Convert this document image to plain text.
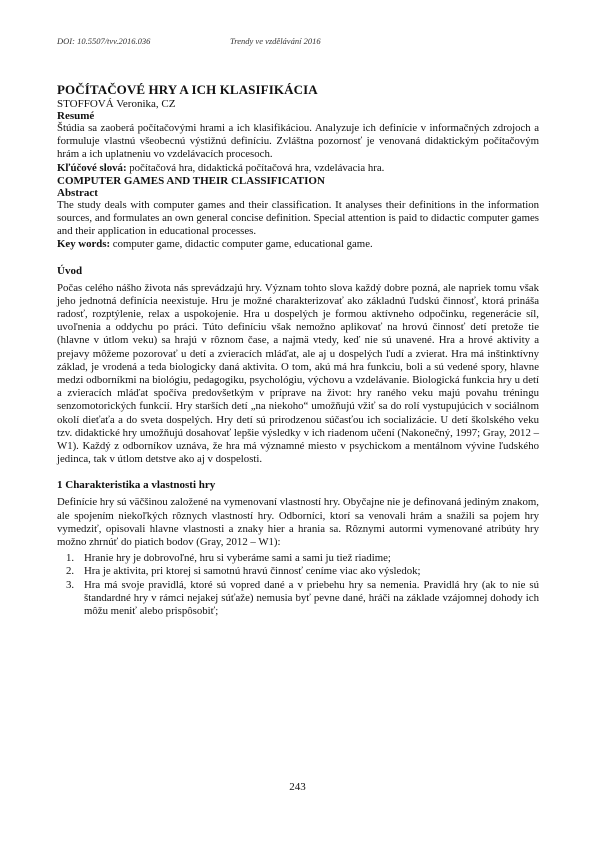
DOI: 10.5507/tvv.2016.036	Trendy ve vzdělávání 2016

POČÍTAČOVÉ HRY A ICH KLASIFIKÁCIA

STOFFOVÁ Veronika, CZ

Resumé

Štúdia sa zaoberá počítačovými hrami a ich klasifikáciou. Analyzuje ich definície v informačných zdrojoch a formuluje vlastnú všeobecnú výstižnú definíciu. Zvláštna pozornosť je venovaná didaktickým počítačovým hrám a ich uplatneniu vo vzdelávacích procesoch.

Kľúčové slová: počítačová hra, didaktická počítačová hra, vzdelávacia hra.

COMPUTER GAMES AND THEIR CLASSIFICATION

Abstract

The study deals with computer games and their classification. It analyses their definitions in the information sources, and formulates an own general concise definition. Special attention is paid to didactic computer games and their application in educational processes.

Key words: computer game, didactic computer game, educational game.

Úvod

Počas celého nášho života nás sprevádzajú hry. Význam tohto slova každý dobre pozná, ale napriek tomu však jeho jednotná definícia neexistuje. Hru je možné charakterizovať ako základnú ľudskú činnosť, ktorá prináša radosť, rozptýlenie, relax a uspokojenie. Hra u dospelých je formou aktívneho odpočinku, regenerácie síl, uvoľnenia a oddychu po práci. Túto definíciu však nemožno aplikovať na hrovú činnosť detí pretože tie (hlavne v útlom veku) sa hrajú v rôznom čase, a najmä vtedy, keď nie sú unavené. Hra a hrové aktivity a prejavy môžeme pozorovať u detí a zvieracích mláďat, ale aj u dospelých ľudí a zvierat. Hra má inštinktívny základ, je vrodená a teda biologicky daná aktivita. O tom, akú má hra funkciu, boli a sú vedené spory, hlavne medzi odborníkmi na biológiu, pedagogiku, psychológiu, výchovu a vzdelávanie. Biologická funkcia hry u detí a zvieracích mláďat spočíva predovšetkým v príprave na život: hry raného veku majú povahu tréningu senzomotorických funkcií. Hry starších detí „na niekoho“ umožňujú vžiť sa do rolí vystupujúcich v sociálnom okolí dieťaťa a do sveta dospelých. Hry detí sú prirodzenou súčasťou ich socializácie. U detí školského veku tzv. didaktické hry umožňujú dosahovať lepšie výsledky v ich riadenom učení (Nakonečný, 1997; Gray, 2012 – W1). Každý z odborníkov uznáva, že hra má významné miesto v psychickom a mentálnom vývine ľudského jedinca, tak v útlom detstve ako aj v dospelosti.

1 Charakteristika a vlastnosti hry

Definície hry sú väčšinou založené na vymenovaní vlastností hry. Obyčajne nie je definovaná jediným znakom, ale spojením niekoľkých rôznych vlastností hry. Odborníci, ktorí sa venovali hrám a snažili sa pojem hry vymedziť, opisovali hlavne vlastnosti a znaky hier a hrania sa. Rôznymi autormi vymenované atribúty hry možno zhrnúť do piatich bodov (Gray, 2012 – W1):

1. Hranie hry je dobrovoľné, hru si vyberáme sami a sami ju tiež riadime;
2. Hra je aktivita, pri ktorej si samotnú hravú činnosť ceníme viac ako výsledok;
3. Hra má svoje pravidlá, ktoré sú vopred dané a v priebehu hry sa nemenia. Pravidlá hry (ak to nie sú štandardné hry v rámci nejakej súťaže) nemusia byť pevne dané, hráči na základe vzájomnej dohody ich môžu meniť alebo prispôsobiť;
243
